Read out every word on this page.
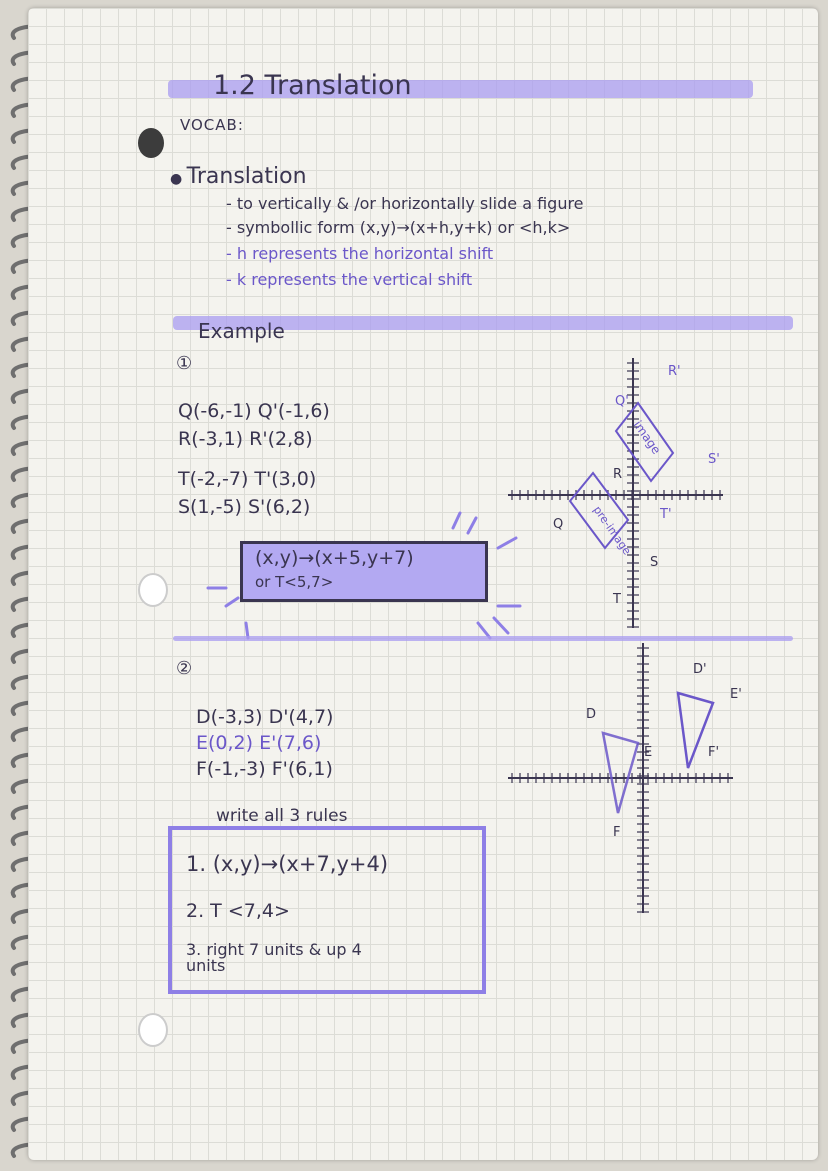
1.2 Translation
VOCAB:
● Translation
- to vertically & /or horizontally slide a figure
- symbollic form (x,y)→(x+h,y+k) or <h,k>
- h represents the horizontal shift
- k represents the vertical shift
Example
①
Q(-6,-1) Q'(-1,6)
R(-3,1) R'(2,8)
T(-2,-7) T'(3,0)
S(1,-5) S'(6,2)
(x,y)→(x+5,y+7)
or T<5,7>
Q'
R'
S'
image
R
Q
T'
pre-image
S
T
②
D(-3,3) D'(4,7)
E(0,2) E'(7,6)
F(-1,-3) F'(6,1)
write all 3 rules
1. (x,y)→(x+7,y+4)
2. T <7,4>
3. right 7 units & up 4 units
D'
E'
F'
D
E
F
